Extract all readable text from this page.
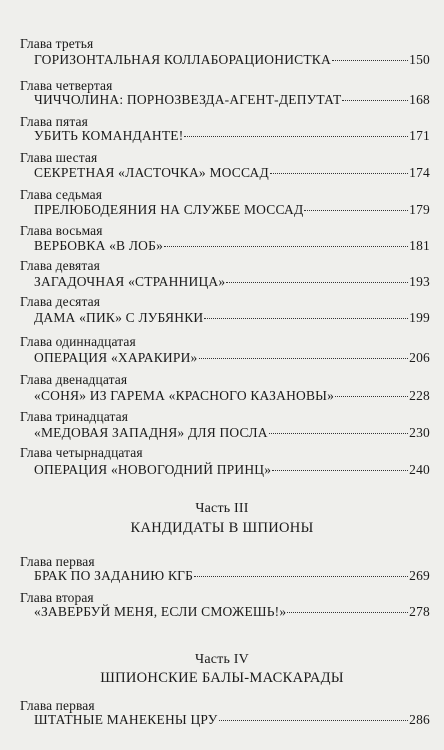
Глава третья
ГОРИЗОНТАЛЬНАЯ КОЛЛАБОРАЦИОНИСТКА	150
Глава четвертая
ЧИЧЧОЛИНА: ПОРНОЗВЕЗДА-АГЕНТ-ДЕПУТАТ	168
Глава пятая
УБИТЬ КОМАНДАНТЕ!	171
Глава шестая
СЕКРЕТНАЯ «ЛАСТОЧКА» МОССАД	174
Глава седьмая
ПРЕЛЮБОДЕЯНИЯ НА СЛУЖБЕ МОССАД	179
Глава восьмая
ВЕРБОВКА «В ЛОБ»	181
Глава девятая
ЗАГАДОЧНАЯ «СТРАННИЦА»	193
Глава десятая
ДАМА «ПИК» С ЛУБЯНКИ	199
Глава одиннадцатая
ОПЕРАЦИЯ «ХАРАКИРИ»	206
Глава двенадцатая
«СОНЯ» ИЗ ГАРЕМА «КРАСНОГО КАЗАНОВЫ»	228
Глава тринадцатая
«МЕДОВАЯ ЗАПАДНЯ» ДЛЯ ПОСЛА	230
Глава четырнадцатая
ОПЕРАЦИЯ «НОВОГОДНИЙ ПРИНЦ»	240
Часть III
КАНДИДАТЫ В ШПИОНЫ
Глава первая
БРАК ПО ЗАДАНИЮ КГБ	269
Глава вторая
«ЗАВЕРБУЙ МЕНЯ, ЕСЛИ СМОЖЕШЬ!»	278
Часть IV
ШПИОНСКИЕ БАЛЫ-МАСКАРАДЫ
Глава первая
ШТАТНЫЕ МАНЕКЕНЫ ЦРУ	286
